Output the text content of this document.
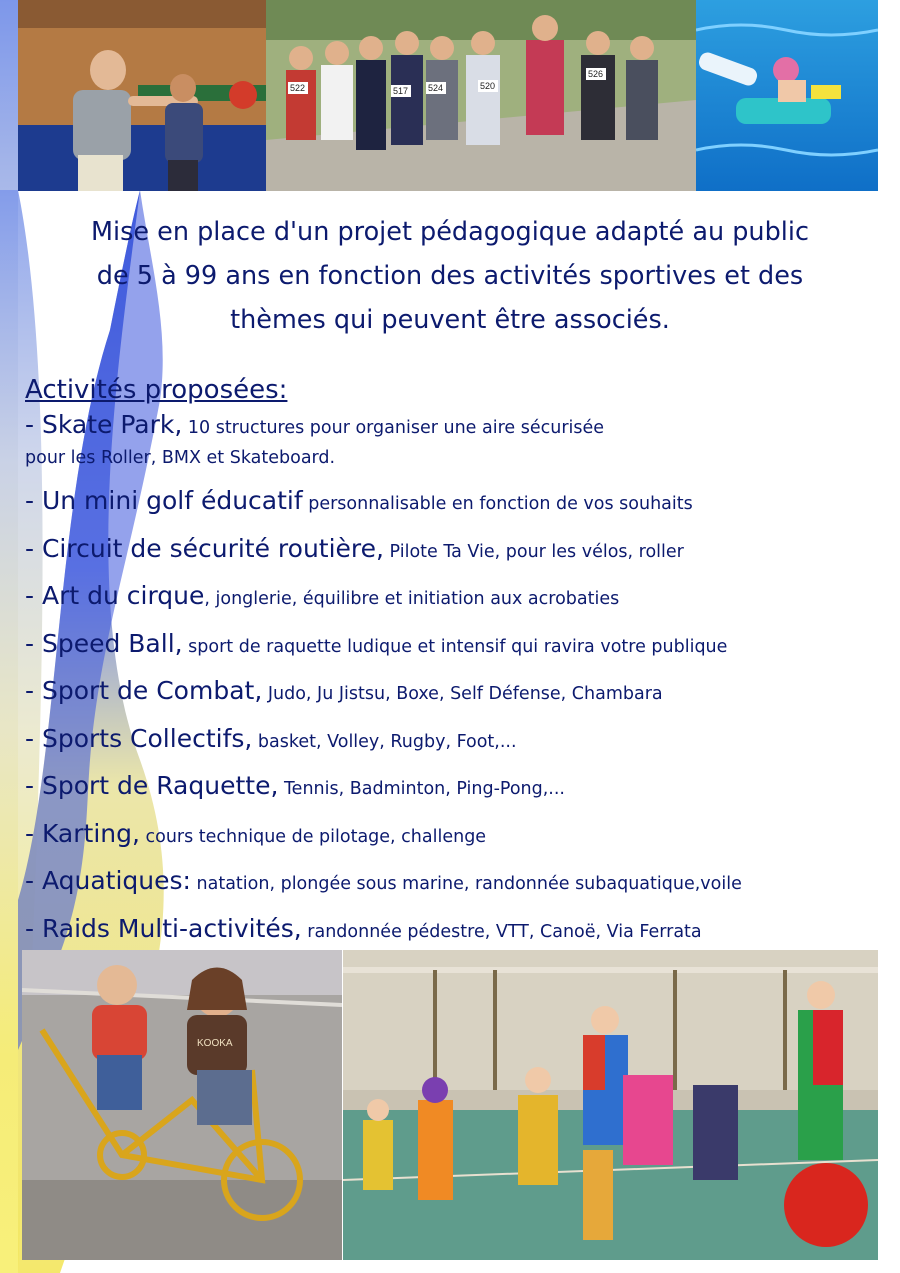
522	517 524	520
526
Mise en place d'un projet pédagogique adapté au public
de 5 à 99 ans en fonction des activités sportives et des
thèmes qui peuvent être associés.
Activités proposées:
- Skate Park, 10 structures pour organiser une aire sécurisée
pour les Roller, BMX et Skateboard.
- Un mini golf éducatif personnalisable en fonction de vos souhaits
- Circuit de sécurité routière, Pilote Ta Vie, pour les vélos, roller
- Art du cirque, jonglerie, équilibre et initiation aux acrobaties
- Speed Ball, sport de raquette ludique et intensif qui ravira votre publique
- Sport de Combat, Judo, Ju Jistsu, Boxe, Self Défense, Chambara
- Sports Collectifs, basket, Volley, Rugby, Foot,...
- Sport de Raquette, Tennis, Badminton, Ping-Pong,...
- Karting, cours technique de pilotage, challenge
- Aquatiques: natation, plongée sous marine, randonnée subaquatique,voile
- Raids Multi-activités, randonnée pédestre, VTT, Canoë, Via Ferrata
KOOKA
